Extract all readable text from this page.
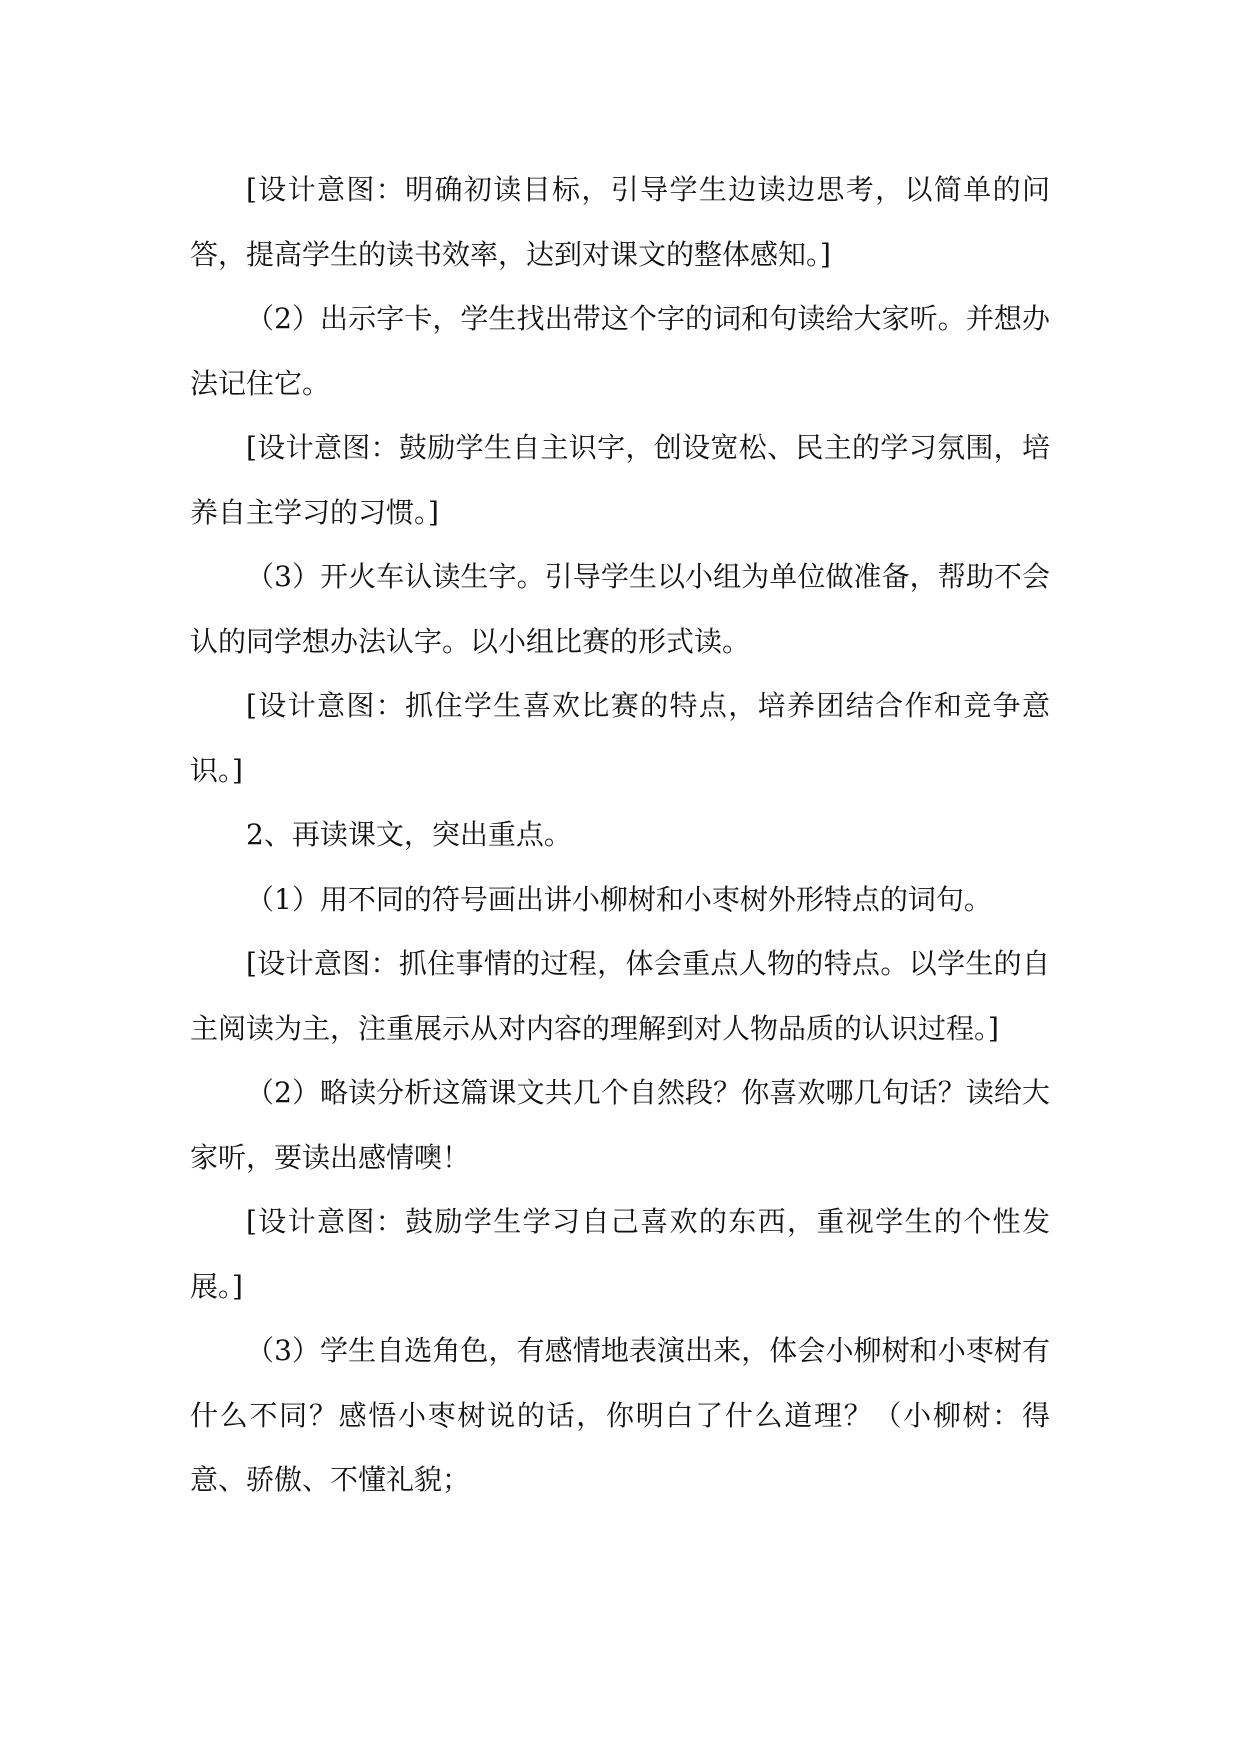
[设计意图：明确初读目标，引导学生边读边思考，以简单的问答，提高学生的读书效率，达到对课文的整体感知。]

（2）出示字卡，学生找出带这个字的词和句读给大家听。并想办法记住它。

[设计意图：鼓励学生自主识字，创设宽松、民主的学习氛围，培养自主学习的习惯。]

（3）开火车认读生字。引导学生以小组为单位做准备，帮助不会认的同学想办法认字。以小组比赛的形式读。

[设计意图：抓住学生喜欢比赛的特点，培养团结合作和竞争意识。]

2、再读课文，突出重点。

（1）用不同的符号画出讲小柳树和小枣树外形特点的词句。

[设计意图：抓住事情的过程，体会重点人物的特点。以学生的自主阅读为主，注重展示从对内容的理解到对人物品质的认识过程。]

（2）略读分析这篇课文共几个自然段？你喜欢哪几句话？读给大家听，要读出感情噢！

[设计意图：鼓励学生学习自己喜欢的东西，重视学生的个性发展。]

（3）学生自选角色，有感情地表演出来，体会小柳树和小枣树有什么不同？感悟小枣树说的话，你明白了什么道理？（小柳树：得意、骄傲、不懂礼貌；
